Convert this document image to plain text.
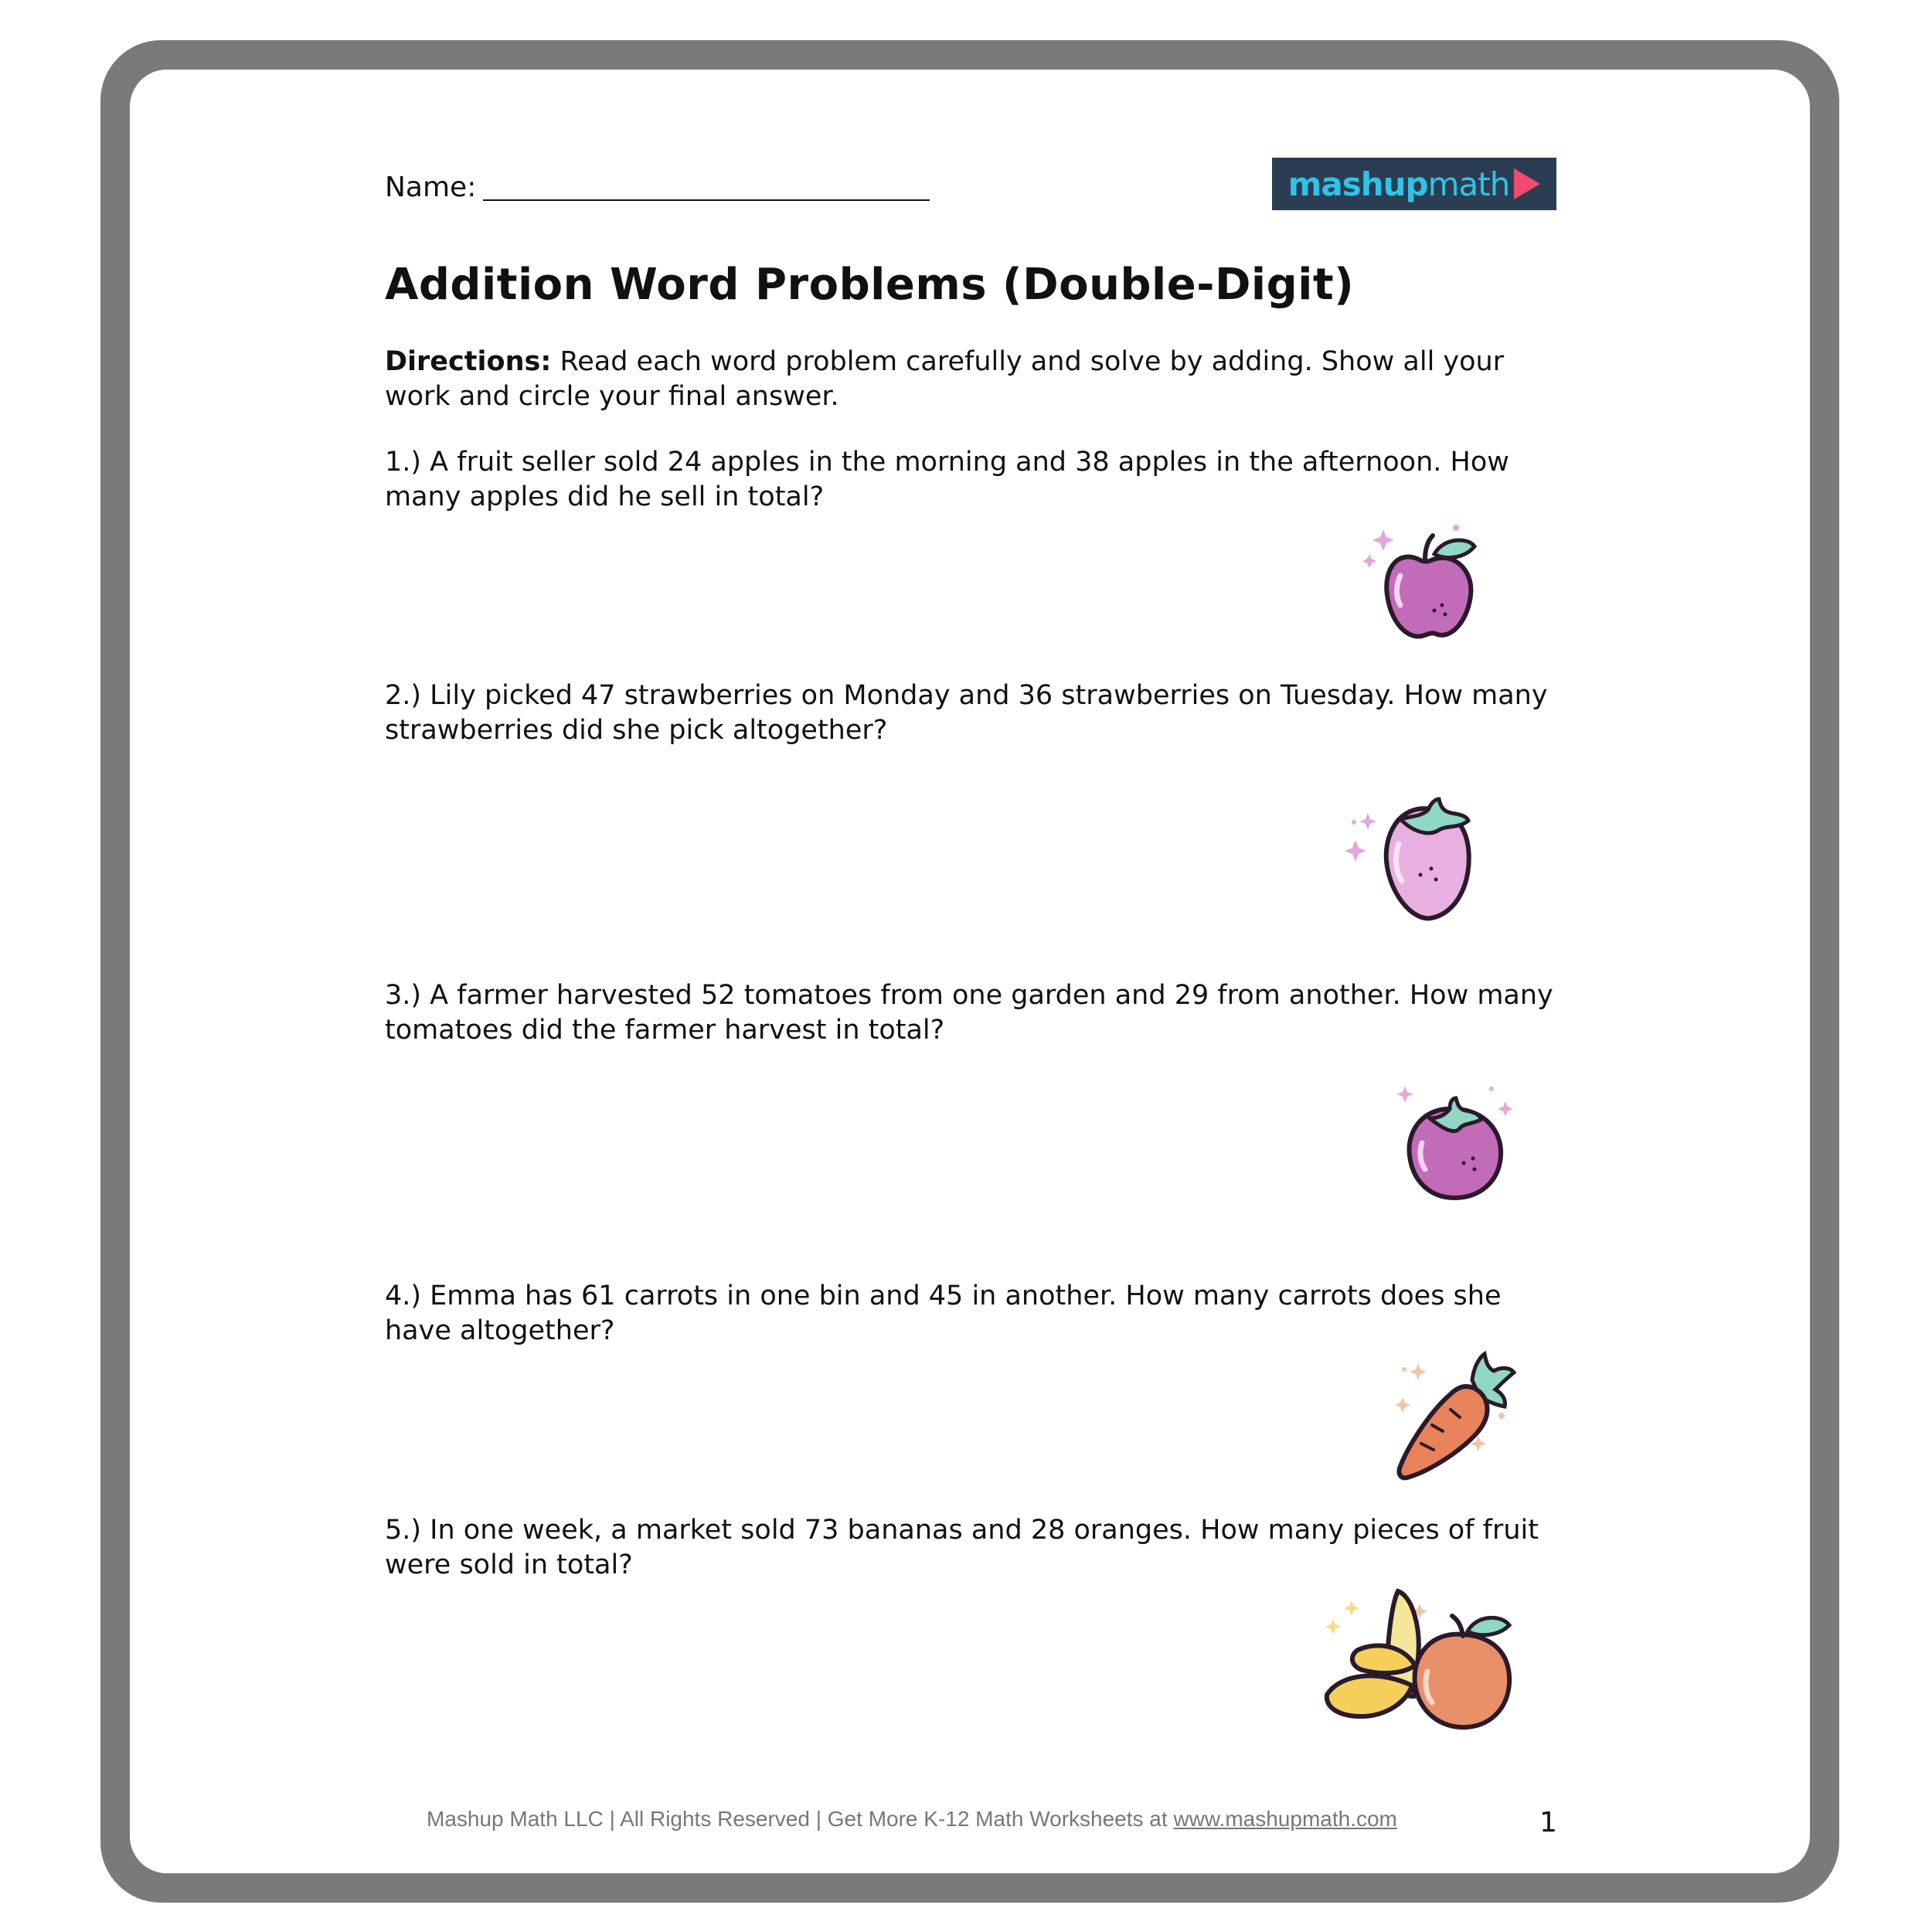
Name:	mashupmath
Addition Word Problems (Double-Digit)
Directions: Read each word problem carefully and solve by adding. Show all your work and circle your final answer.
1.) A fruit seller sold 24 apples in the morning and 38 apples in the afternoon. How many apples did he sell in total?
2.) Lily picked 47 strawberries on Monday and 36 strawberries on Tuesday. How many strawberries did she pick altogether?
3.) A farmer harvested 52 tomatoes from one garden and 29 from another. How many tomatoes did the farmer harvest in total?
4.) Emma has 61 carrots in one bin and 45 in another. How many carrots does she have altogether?
5.) In one week, a market sold 73 bananas and 28 oranges. How many pieces of fruit were sold in total?
Mashup Math LLC | All Rights Reserved | Get More K-12 Math Worksheets at www.mashupmath.com	1
